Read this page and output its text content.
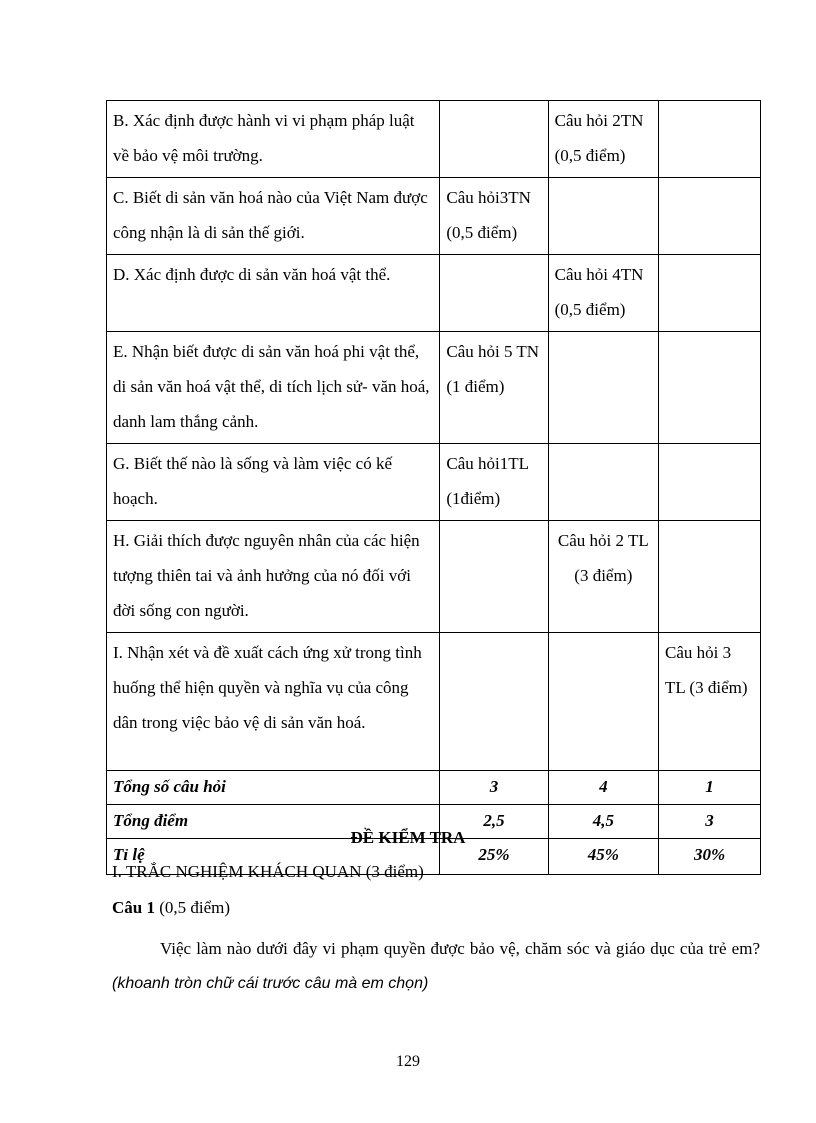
B. Xác định được hành vi vi phạm pháp luật về bảo vệ môi trường.		Câu hỏi 2TN (0,5 điểm)	
C. Biết di sản văn hoá nào của Việt Nam được công nhận là di sản thế giới.	Câu hỏi3TN (0,5 điểm)		
D. Xác định được di sản văn hoá vật thể.		Câu hỏi 4TN (0,5 điểm)	
E. Nhận biết được di sản văn hoá phi vật thể, di sản văn hoá vật thể, di tích lịch sử- văn hoá, danh lam thắng cảnh.	Câu hỏi 5 TN (1 điểm)		
G. Biết thế nào là sống và làm việc có kế hoạch.	Câu hỏi1TL (1điểm)		
H. Giải thích được nguyên nhân của các hiện tượng thiên tai và ảnh hưởng của nó đối với đời sống con người.		Câu hỏi 2 TL (3 điểm)	
I. Nhận xét và đề xuất cách ứng xử trong tình huống thể hiện quyền và nghĩa vụ của công dân trong việc bảo vệ di sản văn hoá.			Câu hỏi 3 TL (3 điểm)
Tổng số câu hỏi	3	4	1
Tổng điểm	2,5	4,5	3
Tỉ lệ	25%	45%	30%
ĐỀ KIỂM TRA
I. TRẮC NGHIỆM KHÁCH QUAN (3 điểm)
Câu 1 (0,5 điểm)
Việc làm nào dưới đây vi phạm quyền được bảo vệ, chăm sóc và giáo dục của trẻ em? (khoanh tròn chữ cái trước câu mà em chọn)
129
